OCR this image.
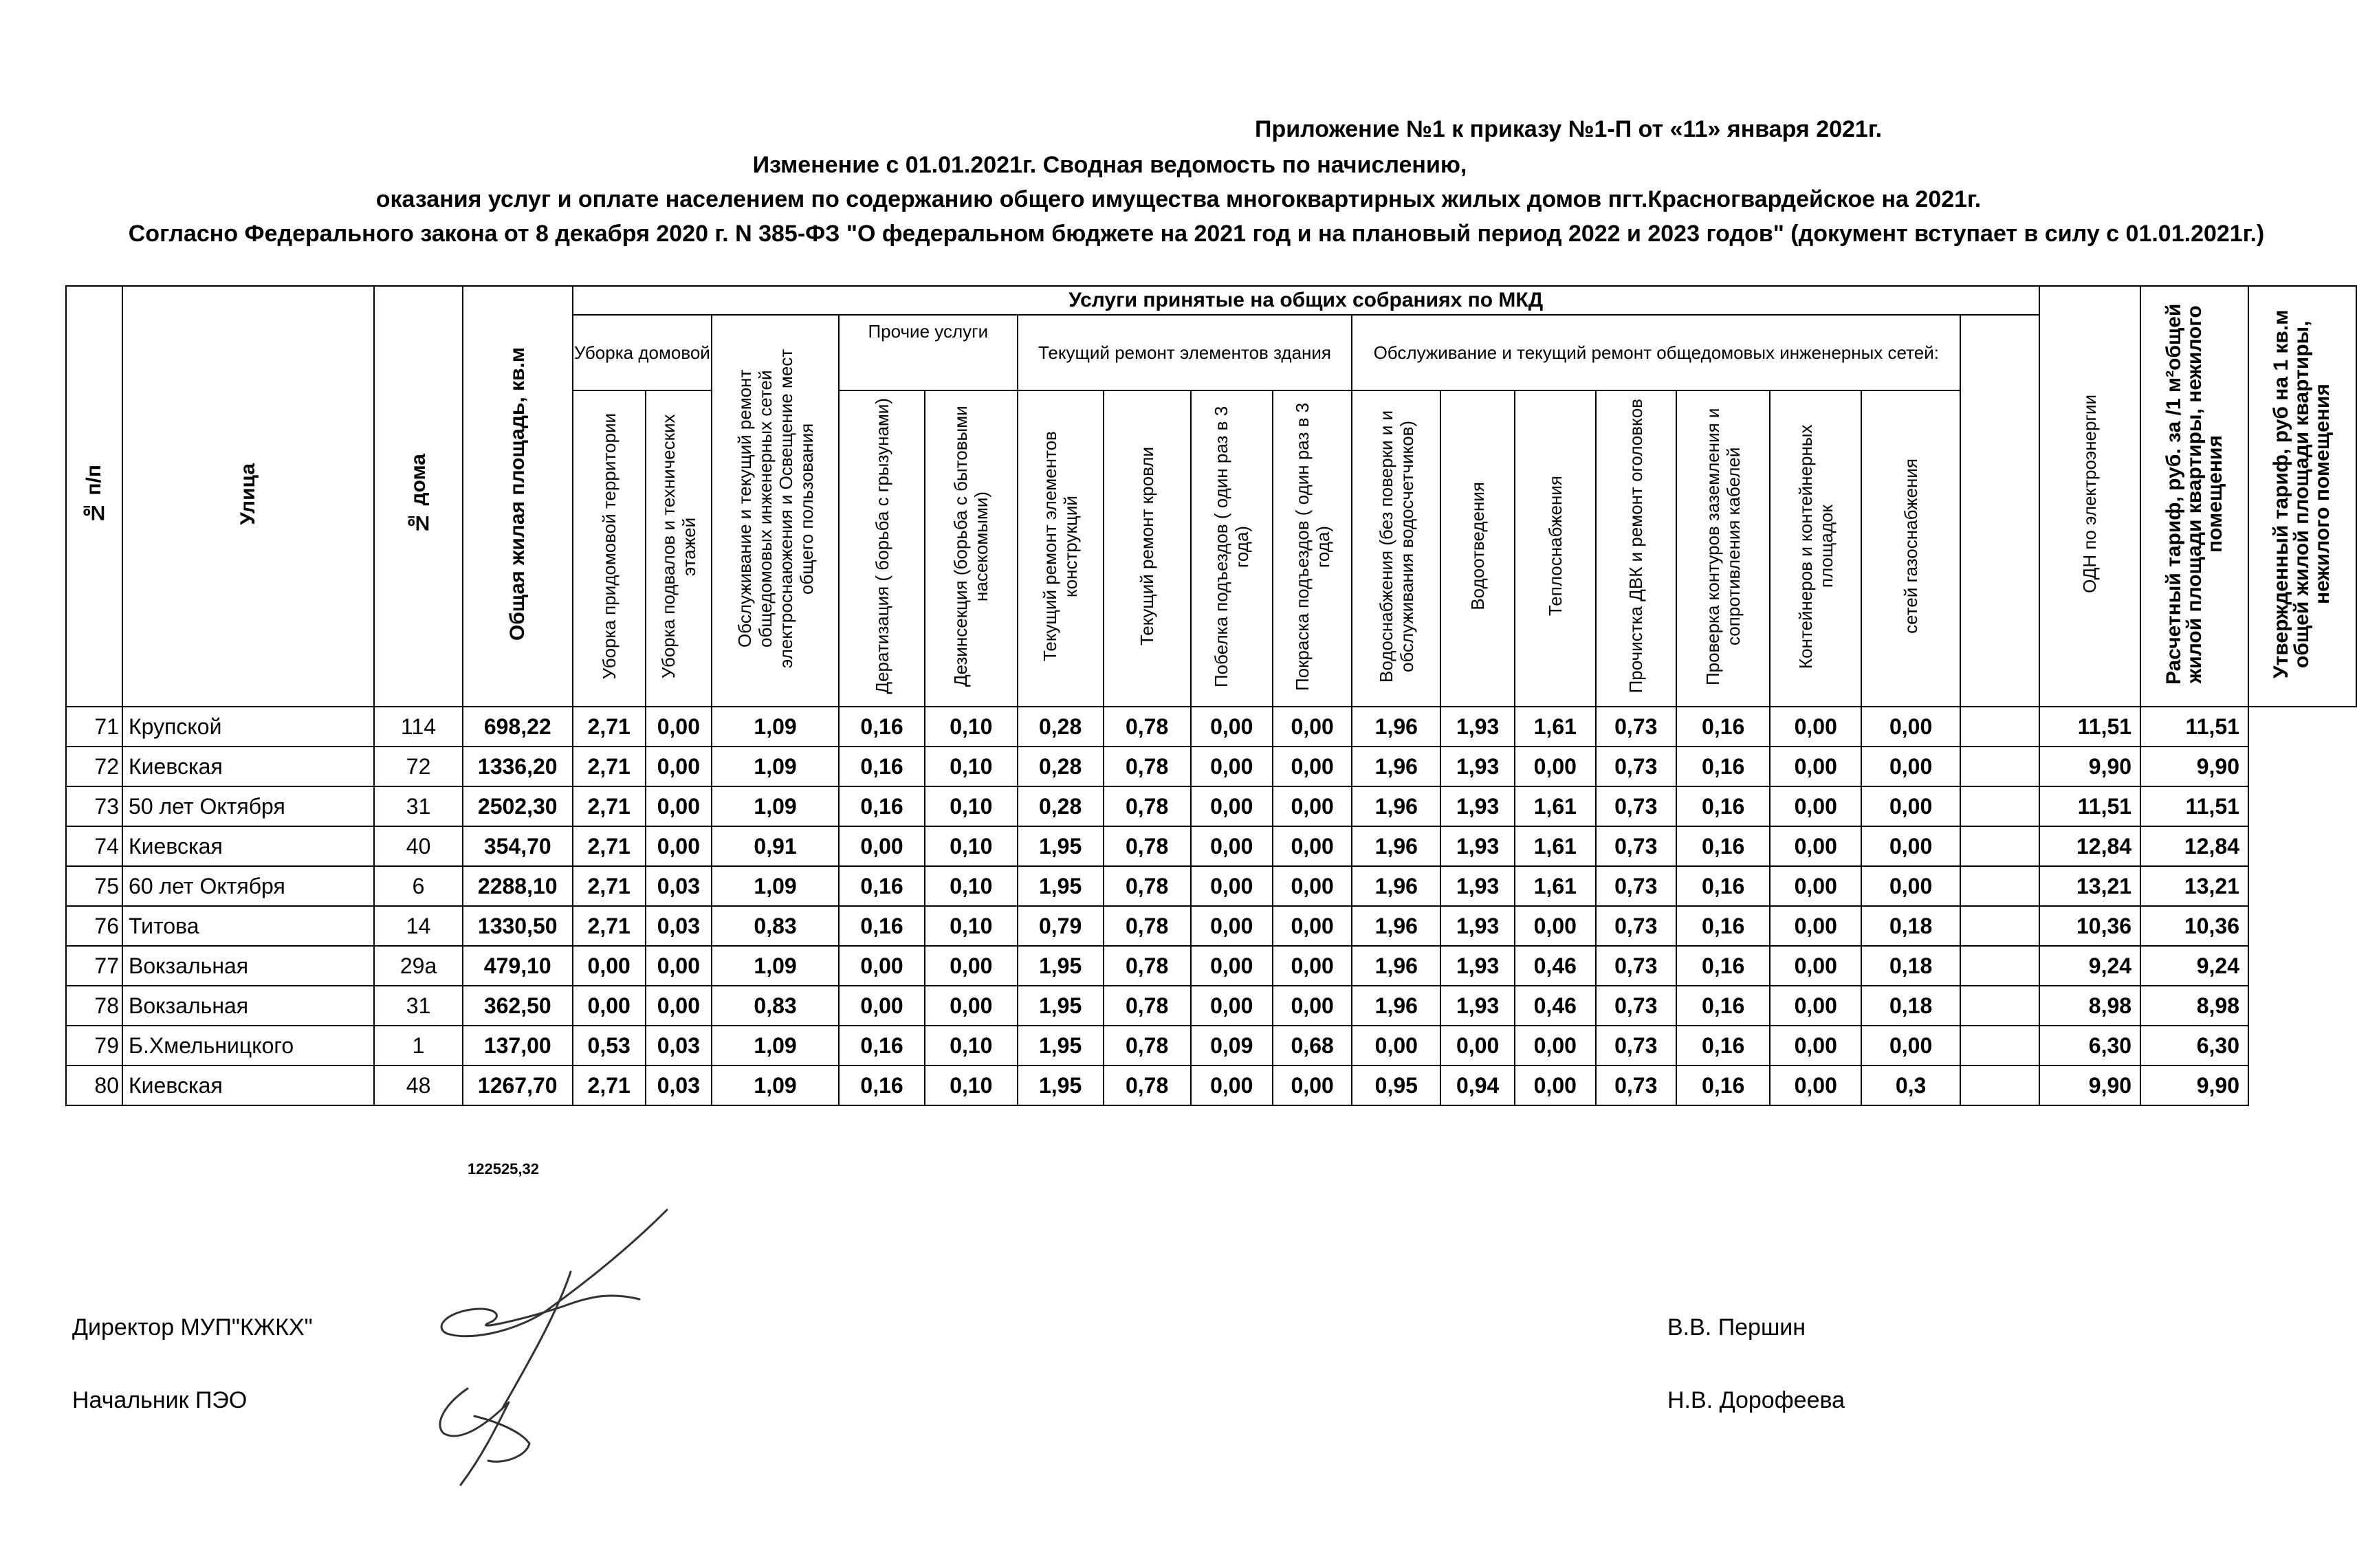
Приложение №1 к приказу №1-П от «11» января 2021г.
Изменение с 01.01.2021г. Сводная ведомость по начислению,
оказания услуг и оплате населением по содержанию общего имущества многоквартирных жилых домов пгт.Красногвардейское на 2021г.
Согласно Федерального закона от 8 декабря 2020 г. N 385-ФЗ "О федеральном бюджете на 2021 год и на плановый период 2022 и 2023 годов" (документ вступает в силу с 01.01.2021г.)
№ п/п	Улица	№ дома	Общая жилая площадь, кв.м	Услуги принятые на общих собраниях по МКД																	ОДН по электроэнергии	Расчетный тариф, руб. за /1 м²общей жилой площади квартиры, нежилого помещения	Утвержденный тариф, руб на 1 кв.м общей жилой площади квартиры, нежилого помещения
				Уборка домовой		Обслуживание и текущий ремонт общедомовых инженерных сетей электроснаюжения и Освещение мест общего пользования	Прочие услуги		Текущий ремонт элементов здания				Обслуживание и текущий ремонт общедомовых инженерных сетей:										
				Уборка придомовой территории	Уборка подвалов и технических этажей		Дератизация ( борьба с грызунами)	Дезинсекция (борьба с бытовыми насекомыми)	Текущий ремонт элементов конструкций	Текущий ремонт кровли	Побелка подъездов ( один раз в 3 года)	Покраска подъездов ( один раз в 3 года)	Водоснабжения (без поверки и и обслуживания водосчетчиков)	Водоотведения	Теплоснабжения	Прочистка ДВК и ремонт оголовков	Проверка контуров заземления и сопротивления кабелей	Контейнеров и контейнерных площадок	сетей газоснабжения				
71	Крупской	114	698,22	2,71	0,00	1,09	0,16	0,10	0,28	0,78	0,00	0,00	1,96	1,93	1,61	0,73	0,16	0,00	0,00		11,51	11,51	
72	Киевская	72	1336,20	2,71	0,00	1,09	0,16	0,10	0,28	0,78	0,00	0,00	1,96	1,93	0,00	0,73	0,16	0,00	0,00		9,90	9,90	
73	50 лет Октября	31	2502,30	2,71	0,00	1,09	0,16	0,10	0,28	0,78	0,00	0,00	1,96	1,93	1,61	0,73	0,16	0,00	0,00		11,51	11,51	
74	Киевская	40	354,70	2,71	0,00	0,91	0,00	0,10	1,95	0,78	0,00	0,00	1,96	1,93	1,61	0,73	0,16	0,00	0,00		12,84	12,84	
75	60 лет Октября	6	2288,10	2,71	0,03	1,09	0,16	0,10	1,95	0,78	0,00	0,00	1,96	1,93	1,61	0,73	0,16	0,00	0,00		13,21	13,21	
76	Титова	14	1330,50	2,71	0,03	0,83	0,16	0,10	0,79	0,78	0,00	0,00	1,96	1,93	0,00	0,73	0,16	0,00	0,18		10,36	10,36	
77	Вокзальная	29а	479,10	0,00	0,00	1,09	0,00	0,00	1,95	0,78	0,00	0,00	1,96	1,93	0,46	0,73	0,16	0,00	0,18		9,24	9,24	
78	Вокзальная	31	362,50	0,00	0,00	0,83	0,00	0,00	1,95	0,78	0,00	0,00	1,96	1,93	0,46	0,73	0,16	0,00	0,18		8,98	8,98	
79	Б.Хмельницкого	1	137,00	0,53	0,03	1,09	0,16	0,10	1,95	0,78	0,09	0,68	0,00	0,00	0,00	0,73	0,16	0,00	0,00		6,30	6,30	
80	Киевская	48	1267,70	2,71	0,03	1,09	0,16	0,10	1,95	0,78	0,00	0,00	0,95	0,94	0,00	0,73	0,16	0,00	0,3		9,90	9,90	
122525,32
Директор МУП"КЖКХ"
Начальник ПЭО
В.В. Першин
Н.В. Дорофеева
